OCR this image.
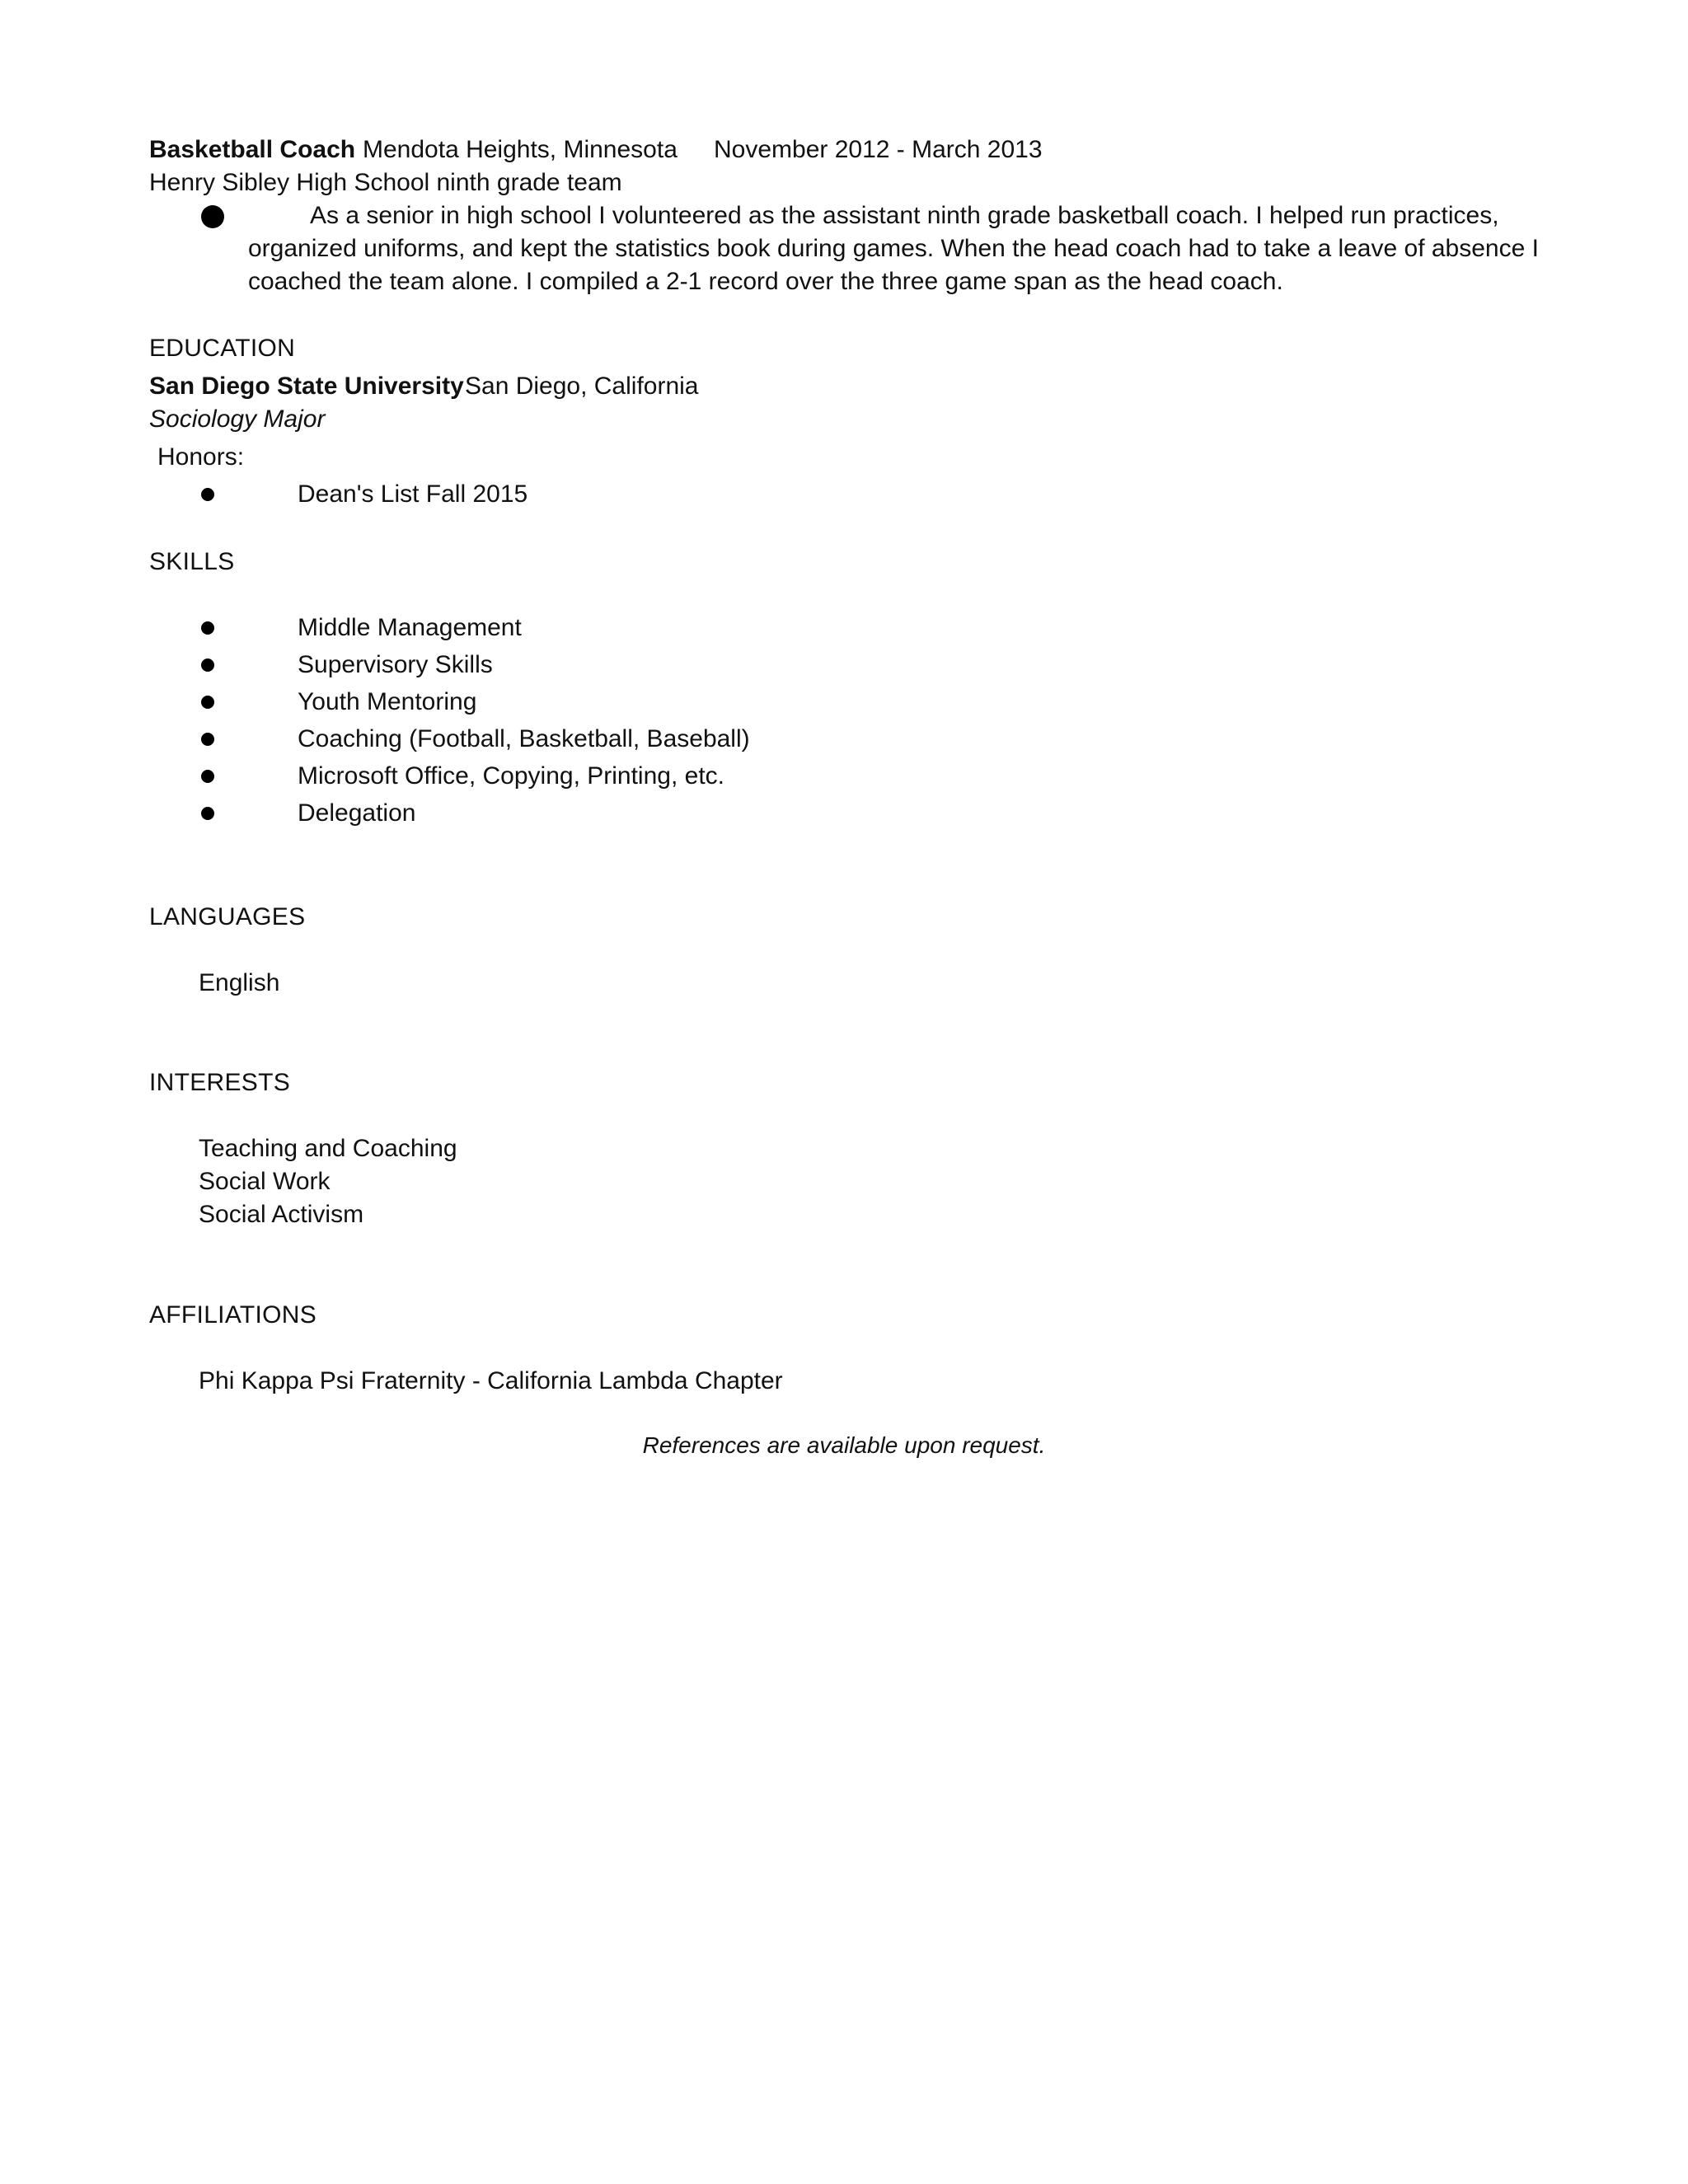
Basketball Coach Mendota Heights, Minnesota November 2012 - March 2013
Henry Sibley High School ninth grade team
As a senior in high school I volunteered as the assistant ninth grade basketball coach. I helped run practices, organized uniforms, and kept the statistics book during games. When the head coach had to take a leave of absence I coached the team alone. I compiled a 2-1 record over the three game span as the head coach.
EDUCATION
San Diego State University San Diego, California
Sociology Major
Honors:
Dean's List Fall 2015
SKILLS
Middle Management
Supervisory Skills
Youth Mentoring
Coaching (Football, Basketball, Baseball)
Microsoft Office, Copying, Printing, etc.
Delegation
LANGUAGES
English
INTERESTS
Teaching and Coaching
Social Work
Social Activism
AFFILIATIONS
Phi Kappa Psi Fraternity - California Lambda Chapter
References are available upon request.
